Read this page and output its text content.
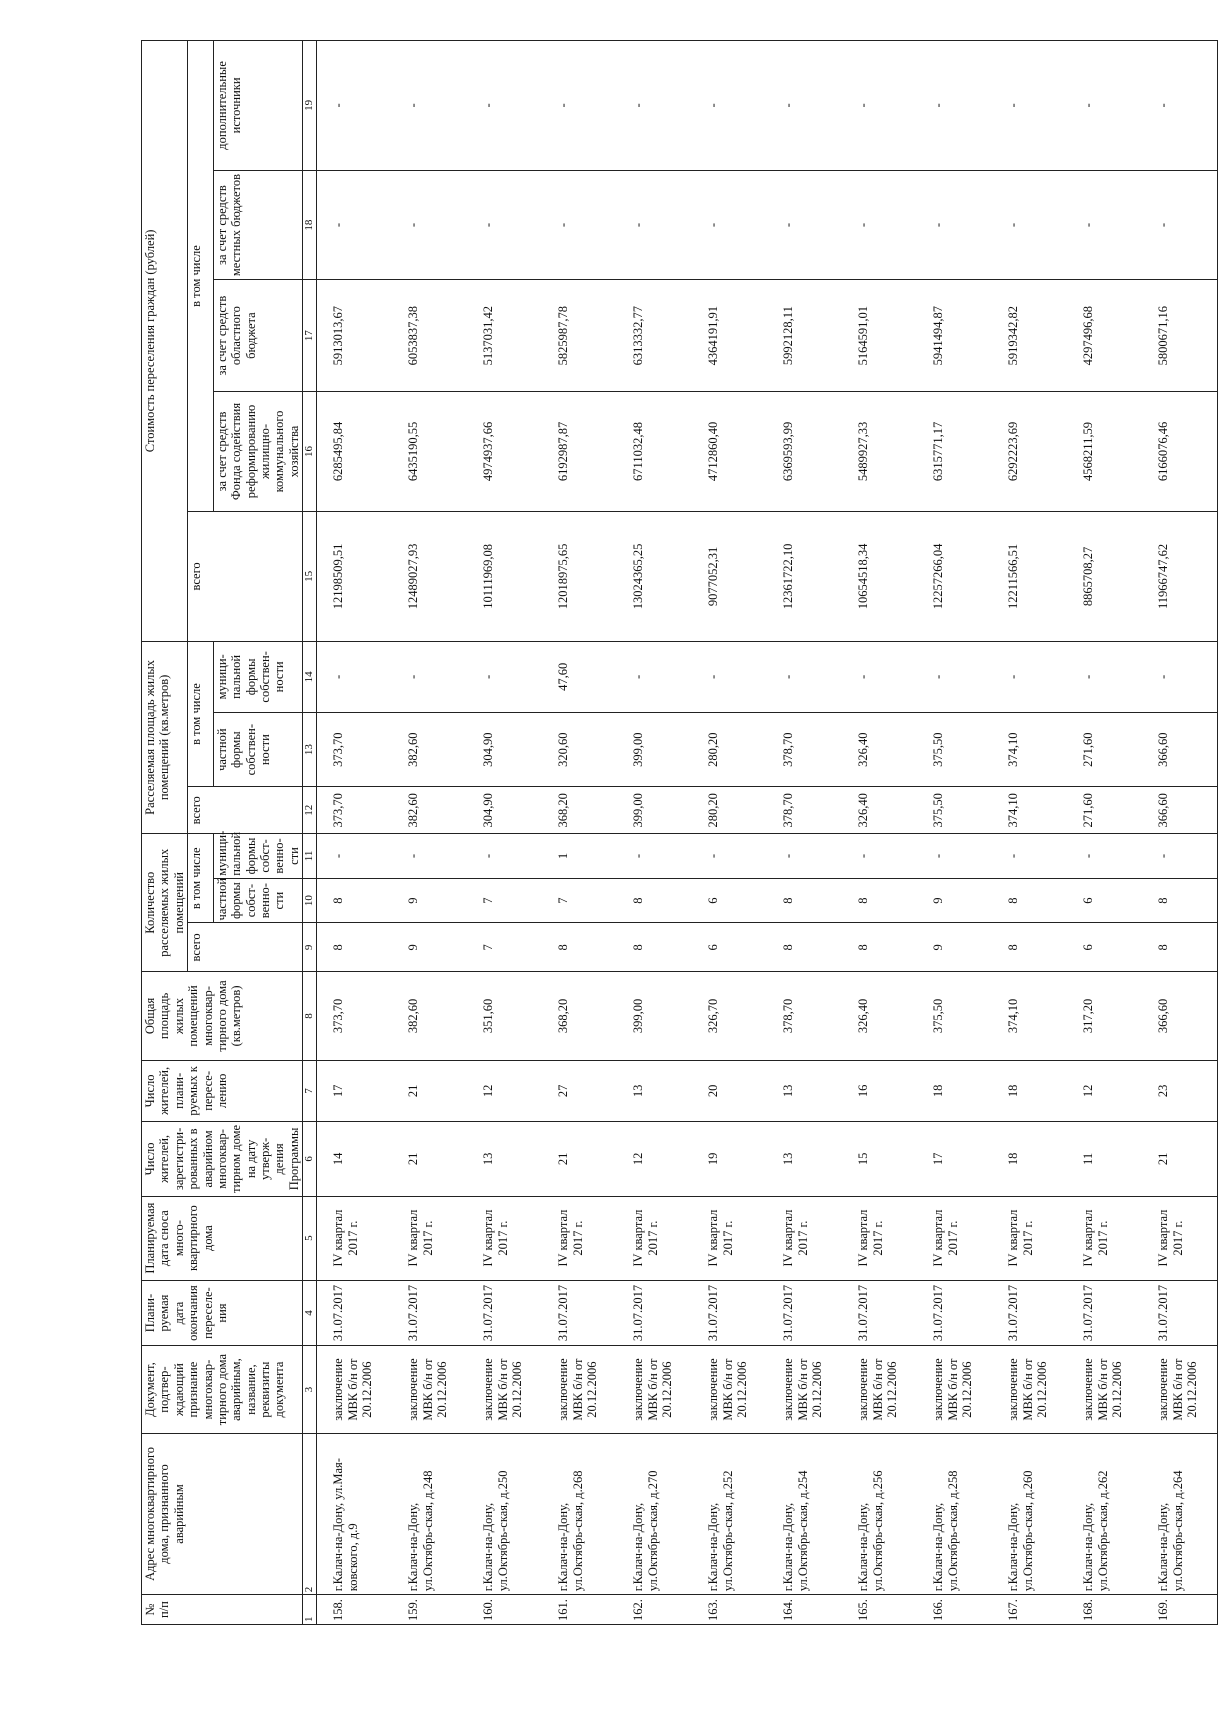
№ п/п	Адрес многоквартирного дома, признанного аварийным	Документ, подтвер-ждающий признание многоквар-тирного дома аварийным, название, реквизиты документа	Плани-руемая дата окончания переселе-ния	Планируемая дата сноса много-квартирного дома	Число жителей, зарегистри-рованных в аварийном многоквар-тирном доме на дату утверж-дения Программы	Число жителей, плани-руемых к пересе-лению	Общая площадь жилых помещений многоквар-тирного дома (кв.метров)	Количество расселяемых жилых помещений			Расселяемая площадь жилых помещений (кв.метров)			Стоимость переселения граждан (рублей)				
								всего	в том числе		всего	в том числе		всего	в том числе			
									частной формы собст-венно-сти	муници-пальной формы собст-венно-сти		частной формы собствен-ности	муници-пальной формы собствен-ности		за счет средств Фонда содействия реформированию жилищно-коммунального хозяйства	за счет средств областного бюджета	за счет средств местных бюджетов	дополнительные источники
1	2	3	4	5	6	7	8	9	10	11	12	13	14	15	16	17	18	19
158.	г.Калач-на-Дону, ул.Мая-ковского, д.9	заключение МВК б/н от 20.12.2006	31.07.2017	IV квартал 2017 г.	14	17	373,70	8	8	-	373,70	373,70	-	12198509,51	6285495,84	5913013,67	-	-
159.	г.Калач-на-Дону, ул.Октябрь-ская, д.248	заключение МВК б/н от 20.12.2006	31.07.2017	IV квартал 2017 г.	21	21	382,60	9	9	-	382,60	382,60	-	12489027,93	6435190,55	6053837,38	-	-
160.	г.Калач-на-Дону, ул.Октябрь-ская, д.250	заключение МВК б/н от 20.12.2006	31.07.2017	IV квартал 2017 г.	13	12	351,60	7	7	-	304,90	304,90	-	10111969,08	4974937,66	5137031,42	-	-
161.	г.Калач-на-Дону, ул.Октябрь-ская, д.268	заключение МВК б/н от 20.12.2006	31.07.2017	IV квартал 2017 г.	21	27	368,20	8	7	1	368,20	320,60	47,60	12018975,65	6192987,87	5825987,78	-	-
162.	г.Калач-на-Дону, ул.Октябрь-ская, д.270	заключение МВК б/н от 20.12.2006	31.07.2017	IV квартал 2017 г.	12	13	399,00	8	8	-	399,00	399,00	-	13024365,25	6711032,48	6313332,77	-	-
163.	г.Калач-на-Дону, ул.Октябрь-ская, д.252	заключение МВК б/н от 20.12.2006	31.07.2017	IV квартал 2017 г.	19	20	326,70	6	6	-	280,20	280,20	-	9077052,31	4712860,40	4364191,91	-	-
164.	г.Калач-на-Дону, ул.Октябрь-ская, д.254	заключение МВК б/н от 20.12.2006	31.07.2017	IV квартал 2017 г.	13	13	378,70	8	8	-	378,70	378,70	-	12361722,10	6369593,99	5992128,11	-	-
165.	г.Калач-на-Дону, ул.Октябрь-ская, д.256	заключение МВК б/н от 20.12.2006	31.07.2017	IV квартал 2017 г.	15	16	326,40	8	8	-	326,40	326,40	-	10654518,34	5489927,33	5164591,01	-	-
166.	г.Калач-на-Дону, ул.Октябрь-ская, д.258	заключение МВК б/н от 20.12.2006	31.07.2017	IV квартал 2017 г.	17	18	375,50	9	9	-	375,50	375,50	-	12257266,04	6315771,17	5941494,87	-	-
167.	г.Калач-на-Дону, ул.Октябрь-ская, д.260	заключение МВК б/н от 20.12.2006	31.07.2017	IV квартал 2017 г.	18	18	374,10	8	8	-	374,10	374,10	-	12211566,51	6292223,69	5919342,82	-	-
168.	г.Калач-на-Дону, ул.Октябрь-ская, д.262	заключение МВК б/н от 20.12.2006	31.07.2017	IV квартал 2017 г.	11	12	317,20	6	6	-	271,60	271,60	-	8865708,27	4568211,59	4297496,68	-	-
169.	г.Калач-на-Дону, ул.Октябрь-ская, д.264	заключение МВК б/н от 20.12.2006	31.07.2017	IV квартал 2017 г.	21	23	366,60	8	8	-	366,60	366,60	-	11966747,62	6166076,46	5800671,16	-	-
